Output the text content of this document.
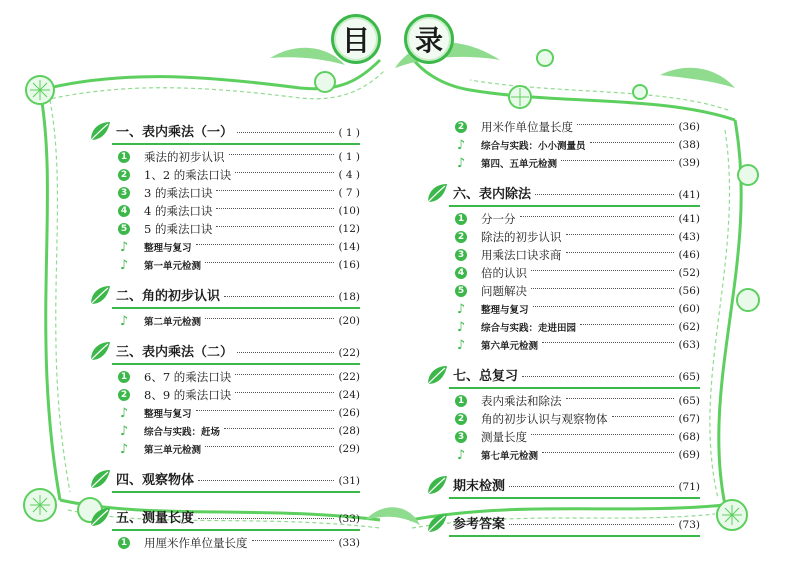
目	录
一、表内乘法（一）	( 1 )
1 乘法的初步认识	( 1 )
2 1、2 的乘法口诀	( 4 )
3 3 的乘法口诀	( 7 )
4 4 的乘法口诀	(10)
5 5 的乘法口诀	(12)
♪ 整理与复习	(14)
♪ 第一单元检测	(16)
二、角的初步认识	(18)
♪ 第二单元检测	(20)
三、表内乘法（二）	(22)
1 6、7 的乘法口诀	(22)
2 8、9 的乘法口诀	(24)
♪ 整理与复习	(26)
♪ 综合与实践：赶场	(28)
♪ 第三单元检测	(29)
四、观察物体	(31)
五、测量长度	(33)
1 用厘米作单位量长度	(33)
2 用米作单位量长度	(36)
♪ 综合与实践：小小测量员	(38)
♪ 第四、五单元检测	(39)
六、表内除法	(41)
1 分一分	(41)
2 除法的初步认识	(43)
3 用乘法口诀求商	(46)
4 倍的认识	(52)
5 问题解决	(56)
♪ 整理与复习	(60)
♪ 综合与实践：走进田园	(62)
♪ 第六单元检测	(63)
七、总复习	(65)
1 表内乘法和除法	(65)
2 角的初步认识与观察物体	(67)
3 测量长度	(68)
♪ 第七单元检测	(69)
期末检测	(71)
参考答案	(73)
